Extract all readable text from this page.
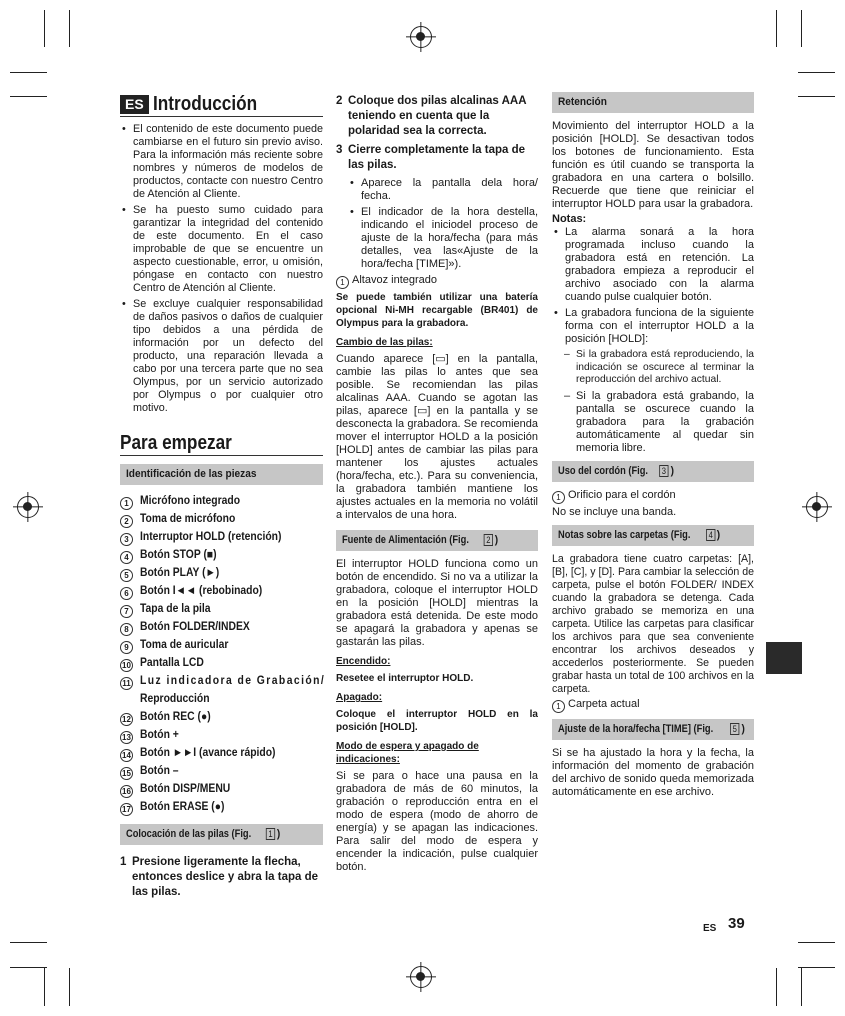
ES Introducción
• El contenido de este documento puede cambiarse en el futuro sin previo aviso. Para la información más reciente sobre nombres y números de modelos de productos, contacte con nuestro Centro de Atención al Cliente.
• Se ha puesto sumo cuidado para garantizar la integridad del contenido de este documento. En el caso improbable de que se encuentre un aspecto cuestionable, error, u omisión, póngase en contacto con nuestro Centro de Atención al Cliente.
• Se excluye cualquier responsabilidad de daños pasivos o daños de cualquier tipo debidos a una pérdida de información por un defecto del producto, una reparación llevada a cabo por una tercera parte que no sea Olympus, por un servicio autorizado por Olympus o por cualquier otro motivo.
Para empezar
Identificación de las piezas
1 Micrófono integrado
2 Toma de micrófono
3 Interruptor HOLD (retención)
4 Botón STOP (■)
5 Botón PLAY (►)
6 Botón I◄◄ (rebobinado)
7 Tapa de la pila
8 Botón FOLDER/INDEX
9 Toma de auricular
10 Pantalla LCD
11 Luz indicadora de Grabación/
Reproducción
12 Botón REC (●)
13 Botón +
14 Botón ►►I (avance rápido)
15 Botón –
16 Botón DISP/MENU
17 Botón ERASE (●)
Colocación de las pilas (Fig. 1 )
1 Presione ligeramente la flecha, entonces deslice y abra la tapa de las pilas.
2 Coloque dos pilas alcalinas AAA teniendo en cuenta que la polaridad sea la correcta.
3 Cierre completamente la tapa de las pilas.
• Aparece la pantalla dela hora/ fecha.
• El indicador de la hora destella, indicando el iniciodel proceso de ajuste de la hora/fecha (para más detalles, vea las«Ajuste de la hora/fecha [TIME]»).

1 Altavoz integrado

Se puede también utilizar una batería opcional Ni-MH recargable (BR401) de Olympus para la grabadora.

Cambio de las pilas:

Cuando aparece [▭] en la pantalla, cambie las pilas lo antes que sea posible. Se recomiendan las pilas alcalinas AAA. Cuando se agotan las pilas, aparece [▭] en la pantalla y se desconecta la grabadora. Se recomienda mover el interruptor HOLD a la posición [HOLD] antes de cambiar las pilas para mantener los ajustes actuales (hora/fecha, etc.). Para su conveniencia, la grabadora también mantiene los ajustes actuales en la memoria no volátil a intervalos de una hora.

Fuente de Alimentación (Fig. 2 )

El interruptor HOLD funciona como un botón de encendido. Si no va a utilizar la grabadora, coloque el interruptor HOLD en la posición [HOLD] mientras la grabadora está detenida. De este modo se apagará la grabadora y apenas se gastarán las pilas.

Encendido:

Resetee el interruptor HOLD.

Apagado:

Coloque el interruptor HOLD en la posición [HOLD].

Modo de espera y apagado de indicaciones:

Si se para o hace una pausa en la grabadora de más de 60 minutos, la grabación o reproducción entra en el modo de espera (modo de ahorro de energía) y se apagan las indicaciones. Para salir del modo de espera y encender la indicación, pulse cualquier botón.

Retención

Movimiento del interruptor HOLD a la posición [HOLD]. Se desactivan todos los botones de funcionamiento. Esta función es útil cuando se transporta la grabadora en una cartera o bolsillo. Recuerde que tiene que reiniciar el interruptor HOLD para usar la grabadora.

Notas:
• La alarma sonará a la hora programada incluso cuando la grabadora está en retención. La grabadora empieza a reproducir el archivo asociado con la alarma cuando pulse cualquier botón.
• La grabadora funciona de la siguiente forma con el interruptor HOLD a la posición [HOLD]:
– Si la grabadora está reproduciendo, la indicación se oscurece al terminar la reproducción del archivo actual.
– Si la grabadora está grabando, la pantalla se oscurece cuando la grabadora para la grabación automáticamente al quedar sin memoria libre.
Uso del cordón (Fig. 3 )

1 Orificio para el cordón

No se incluye una banda.

Notas sobre las carpetas (Fig. 4 )

La grabadora tiene cuatro carpetas: [A], [B], [C], y [D]. Para cambiar la selección de carpeta, pulse el botón FOLDER/ INDEX cuando la grabadora se detenga. Cada archivo grabado se memoriza en una carpeta. Utilice las carpetas para clasificar los archivos para que sea conveniente encontrar los archivos deseados y accederlos posteriormente. Se pueden grabar hasta un total de 100 archivos en la carpeta.

1 Carpeta actual

Ajuste de la hora/fecha [TIME] (Fig. 5 )

Si se ha ajustado la hora y la fecha, la información del momento de grabación del archivo de sonido queda memorizada automáticamente en ese archivo.

ES 39
